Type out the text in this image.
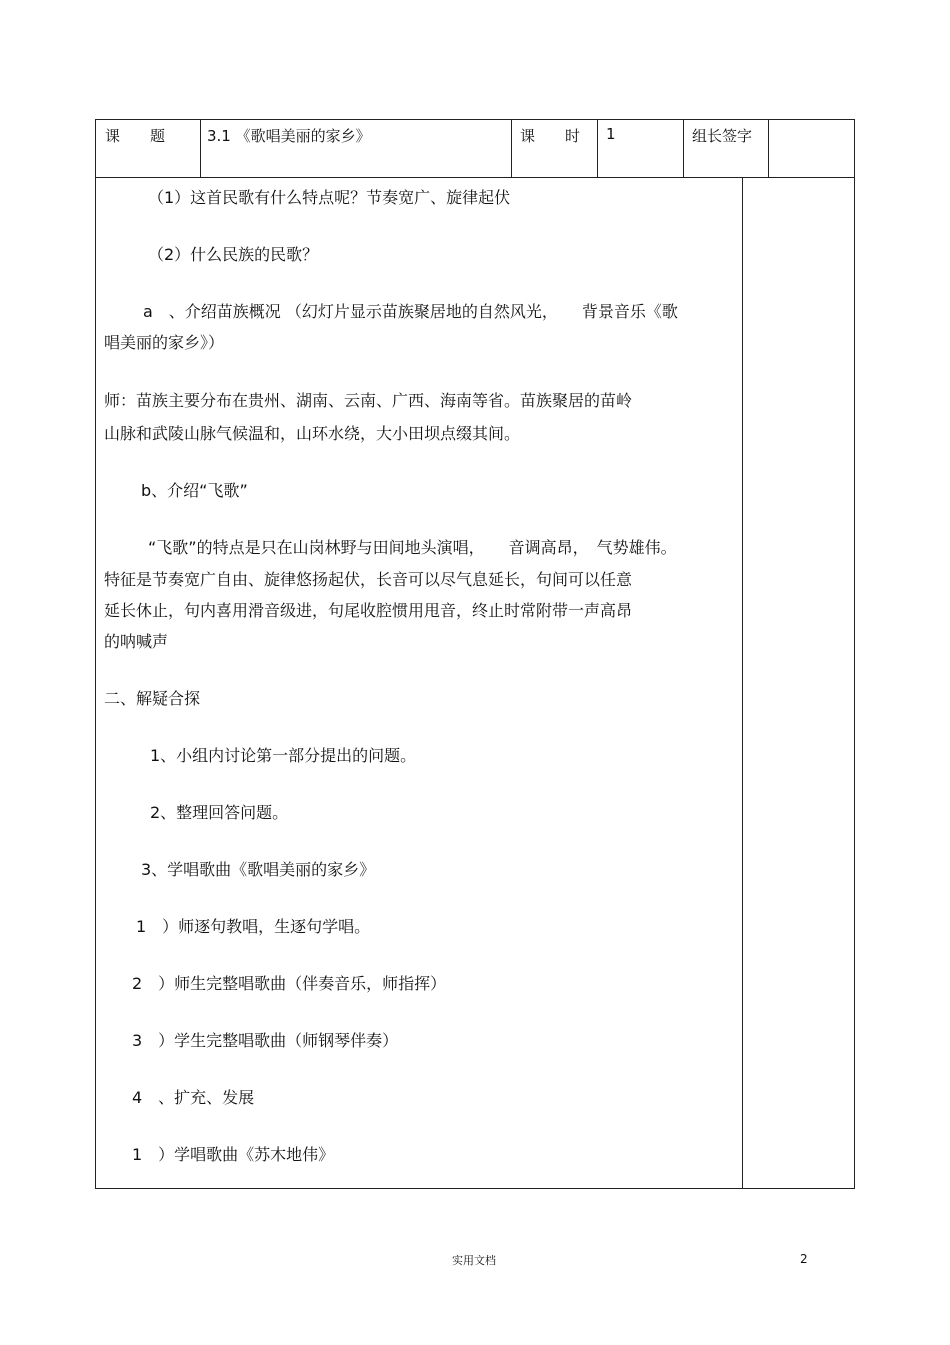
课　　题	3.1 《歌唱美丽的家乡》	课　　时 1	组长签字
（1）这首民歌有什么特点呢？节奏宽广、旋律起伏
（2）什么民族的民歌？
a　、介绍苗族概况 （幻灯片显示苗族聚居地的自然风光，　　背景音乐《歌
唱美丽的家乡》）
师：苗族主要分布在贵州、湖南、云南、广西、海南等省。苗族聚居的苗岭
山脉和武陵山脉气候温和，山环水绕，大小田坝点缀其间。
b、介绍“飞歌”
“飞歌”的特点是只在山岗林野与田间地头演唱，　　音调高昂，　气势雄伟。
特征是节奏宽广自由、旋律悠扬起伏，长音可以尽气息延长，句间可以任意
延长休止，句内喜用滑音级进，句尾收腔惯用甩音，终止时常附带一声高昂
的呐喊声
二、解疑合探
1、小组内讨论第一部分提出的问题。
2、整理回答问题。
3、学唱歌曲《歌唱美丽的家乡》
1　）师逐句教唱，生逐句学唱。
2　）师生完整唱歌曲（伴奏音乐，师指挥）
3　）学生完整唱歌曲（师钢琴伴奏）
4　、扩充、发展
1　）学唱歌曲《苏木地伟》
实用文档	2
